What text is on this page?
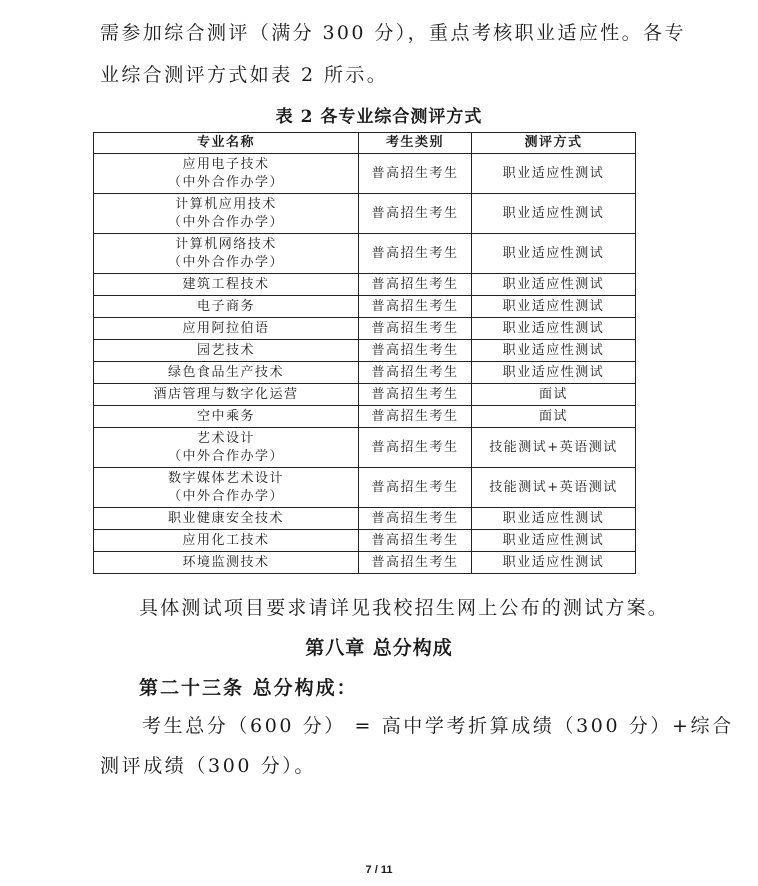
需参加综合测评（满分 300 分），重点考核职业适应性。各专

业综合测评方式如表 2 所示。

表 2 各专业综合测评方式
专业名称	考生类别	测评方式

应用电子技术
（中外合作办学）	普高招生考生	职业适应性测试

计算机应用技术
（中外合作办学）	普高招生考生	职业适应性测试

计算机网络技术
（中外合作办学）	普高招生考生	职业适应性测试

建筑工程技术	普高招生考生	职业适应性测试

电子商务	普高招生考生	职业适应性测试

应用阿拉伯语	普高招生考生	职业适应性测试

园艺技术	普高招生考生	职业适应性测试

绿色食品生产技术	普高招生考生	职业适应性测试

酒店管理与数字化运营	普高招生考生	面试

空中乘务	普高招生考生	面试

艺术设计
（中外合作办学）	普高招生考生	技能测试+英语测试

数字媒体艺术设计
（中外合作办学）	普高招生考生	技能测试+英语测试

职业健康安全技术	普高招生考生	职业适应性测试

应用化工技术	普高招生考生	职业适应性测试

环境监测技术	普高招生考生	职业适应性测试

具体测试项目要求请详见我校招生网上公布的测试方案。

第八章 总分构成
第二十三条 总分构成：

考生总分（600 分） = 高中学考折算成绩（300 分）+综合

测评成绩（300 分）。

7 / 11
